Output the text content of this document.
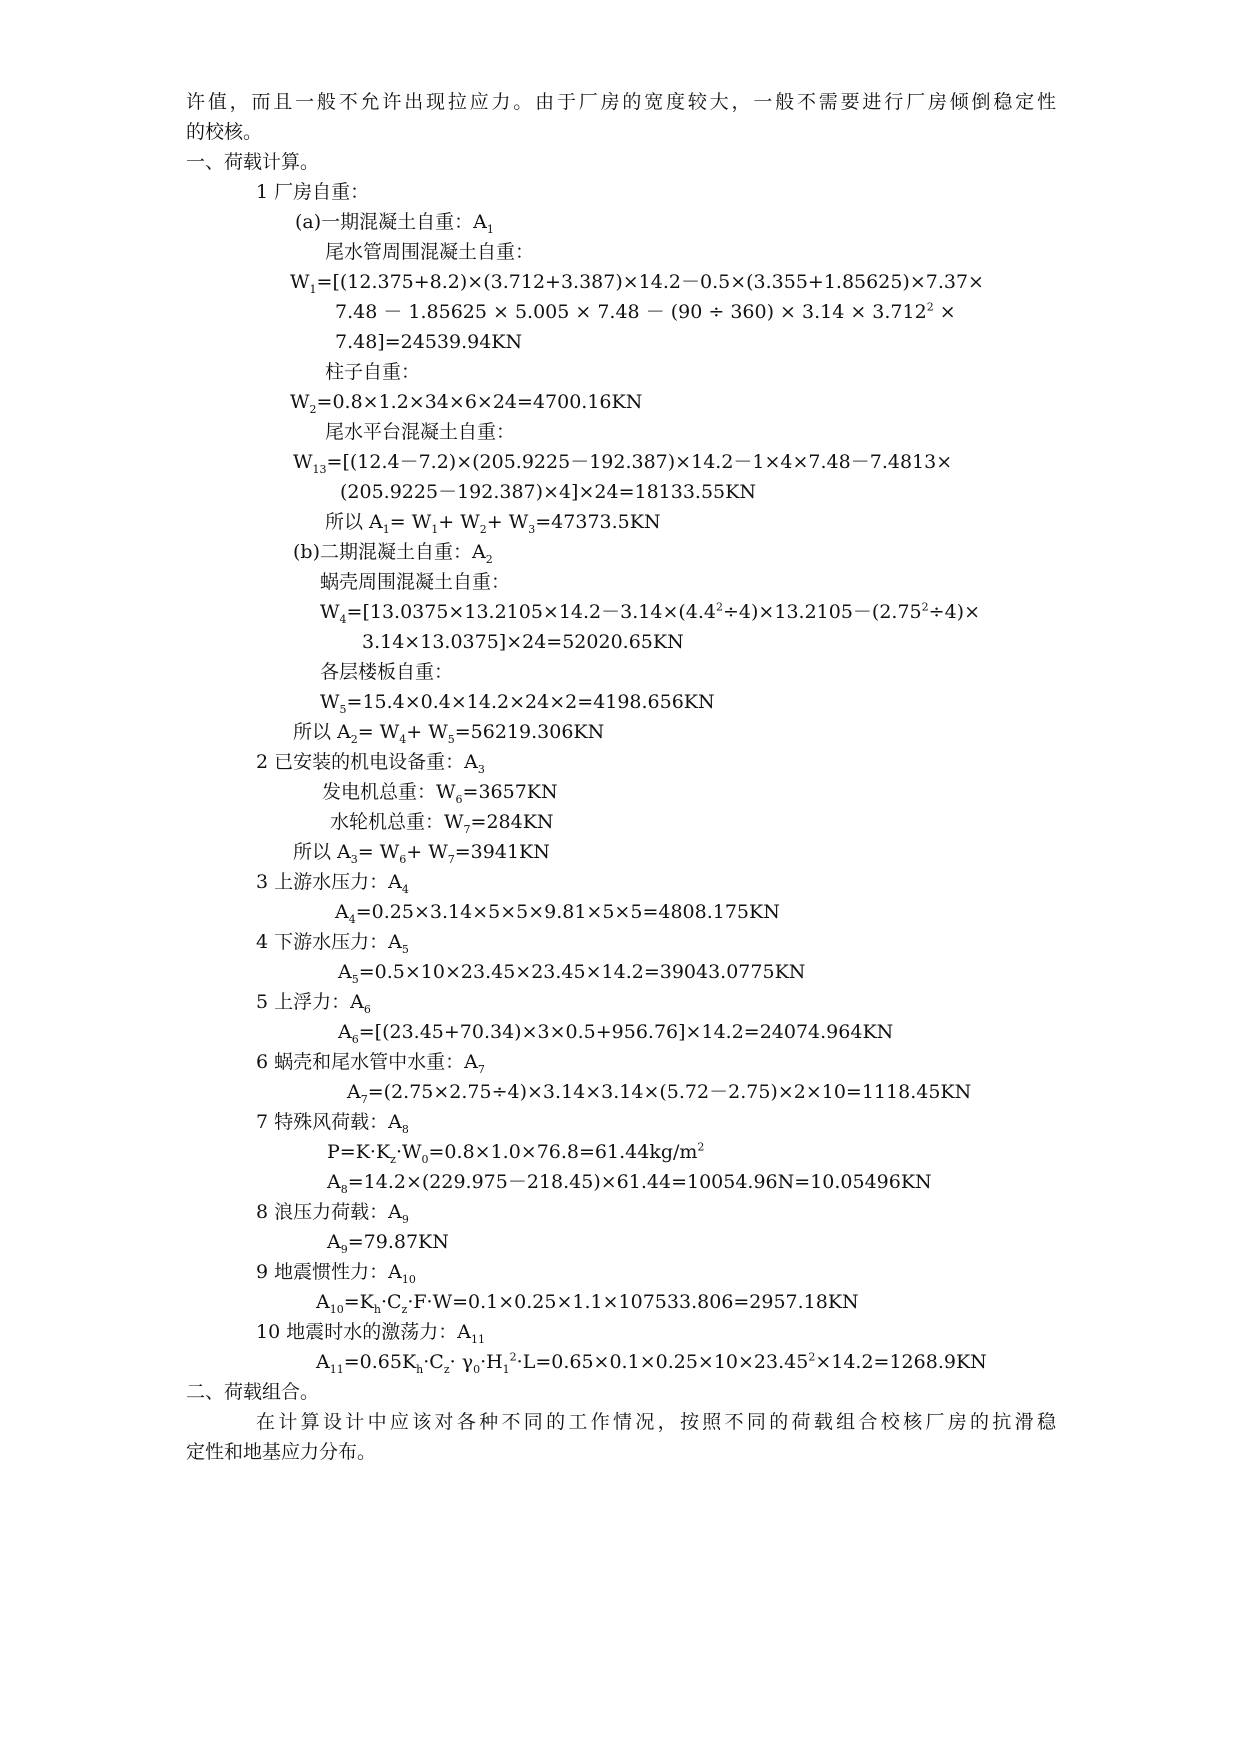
许值，而且一般不允许出现拉应力。由于厂房的宽度较大，一般不需要进行厂房倾倒稳定性
的校核。
一、荷载计算。
1 厂房自重：
(a)一期混凝土自重：$A_1$
尾水管周围混凝土自重：
$W_1=[(12.375+8.2)\times(3.712+3.387)\times 14.2-0.5\times(3.355+1.85625)\times 7.37\times$
$7.48 - 1.85625 \times 5.005 \times 7.48 - (90 \div 360) \times 3.14 \times 3.712^2$ ×
7.48]=24539.94KN
柱子自重：
$W_2=0.8\times 1.2\times 34\times 6\times 24=4700.16KN$
尾水平台混凝土自重：
$W_{13}=[(12.4-7.2)\times(205.9225-192.387)\times 14.2-1\times 4\times 7.48-7.4813\times$
(205.9225－192.387)×4]×24=18133.55KN
所以 $A_1= W_1+ W_2+ W_3=47373.5KN$
(b)二期混凝土自重：$A_2$
蜗壳周围混凝土自重：
$W_4=[13.0375\times 13.2105\times 14.2-3.14\times(4.4^2\div 4)\times 13.2105-(2.75^2\div 4)\times$
3.14×13.0375]×24=52020.65KN
各层楼板自重：
$W_5=15.4\times 0.4\times 14.2\times 24\times 2=4198.656KN$
所以 $A_2= W_4+ W_5=56219.306KN$
2 已安装的机电设备重：$A_3$
发电机总重：$W_6=3657KN$
水轮机总重：$W_7=284KN$
所以 $A_3= W_6+ W_7=3941KN$
3 上游水压力：$A_4$
$A_4=0.25\times 3.14\times 5\times 5\times 9.81\times 5\times 5=4808.175KN$
4 下游水压力：$A_5$
$A_5=0.5\times 10\times 23.45\times 23.45\times 14.2=39043.0775KN$
5 上浮力：$A_6$
$A_6=[(23.45+70.34)\times 3\times 0.5+956.76]\times 14.2=24074.964KN$
6 蜗壳和尾水管中水重：$A_7$
$A_7=(2.75\times 2.75\div 4)\times 3.14\times 3.14\times(5.72-2.75)\times 2\times 10=1118.45KN$
7 特殊风荷载：$A_8$
$P=K\cdot K_z\cdot W_0=0.8\times 1.0\times 76.8=61.44kg/m^2$
$A_8=14.2\times(229.975-218.45)\times 61.44=10054.96N=10.05496KN$
8 浪压力荷载：$A_9$
$A_9=79.87KN$
9 地震惯性力：$A_{10}$
$A_{10}=K_h\cdot C_z\cdot F\cdot W=0.1\times 0.25\times 1.1\times 107533.806=2957.18KN$
10 地震时水的激荡力：$A_{11}$
$A_{11}=0.65K_h\cdot C_z\cdot \gamma_0\cdot H_1^2\cdot L=0.65\times 0.1\times 0.25\times 10\times 23.45^2\times 14.2=1268.9KN$
二、荷载组合。
在计算设计中应该对各种不同的工作情况，按照不同的荷载组合校核厂房的抗滑稳
定性和地基应力分布。
